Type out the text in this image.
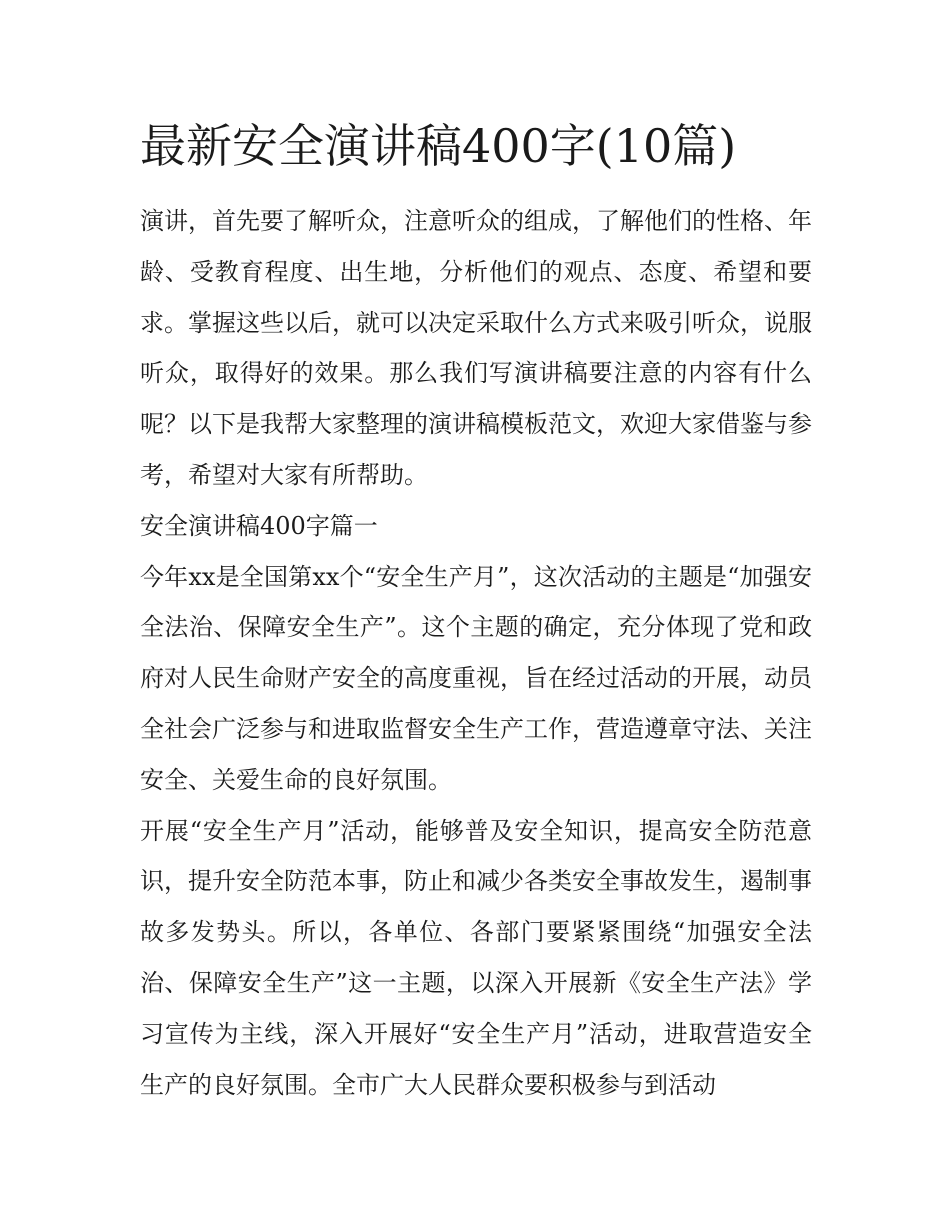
最新安全演讲稿400字(10篇)

演讲，首先要了解听众，注意听众的组成，了解他们的性格、年龄、受教育程度、出生地，分析他们的观点、态度、希望和要求。掌握这些以后，就可以决定采取什么方式来吸引听众，说服听众，取得好的效果。那么我们写演讲稿要注意的内容有什么呢？以下是我帮大家整理的演讲稿模板范文，欢迎大家借鉴与参考，希望对大家有所帮助。

安全演讲稿400字篇一

今年xx是全国第xx个“安全生产月”，这次活动的主题是“加强安全法治、保障安全生产”。这个主题的确定，充分体现了党和政府对人民生命财产安全的高度重视，旨在经过活动的开展，动员全社会广泛参与和进取监督安全生产工作，营造遵章守法、关注安全、关爱生命的良好氛围。

开展“安全生产月”活动，能够普及安全知识，提高安全防范意识，提升安全防范本事，防止和减少各类安全事故发生，遏制事故多发势头。所以，各单位、各部门要紧紧围绕“加强安全法治、保障安全生产”这一主题，以深入开展新《安全生产法》学习宣传为主线，深入开展好“安全生产月”活动，进取营造安全生产的良好氛围。全市广大人民群众要积极参与到活动
